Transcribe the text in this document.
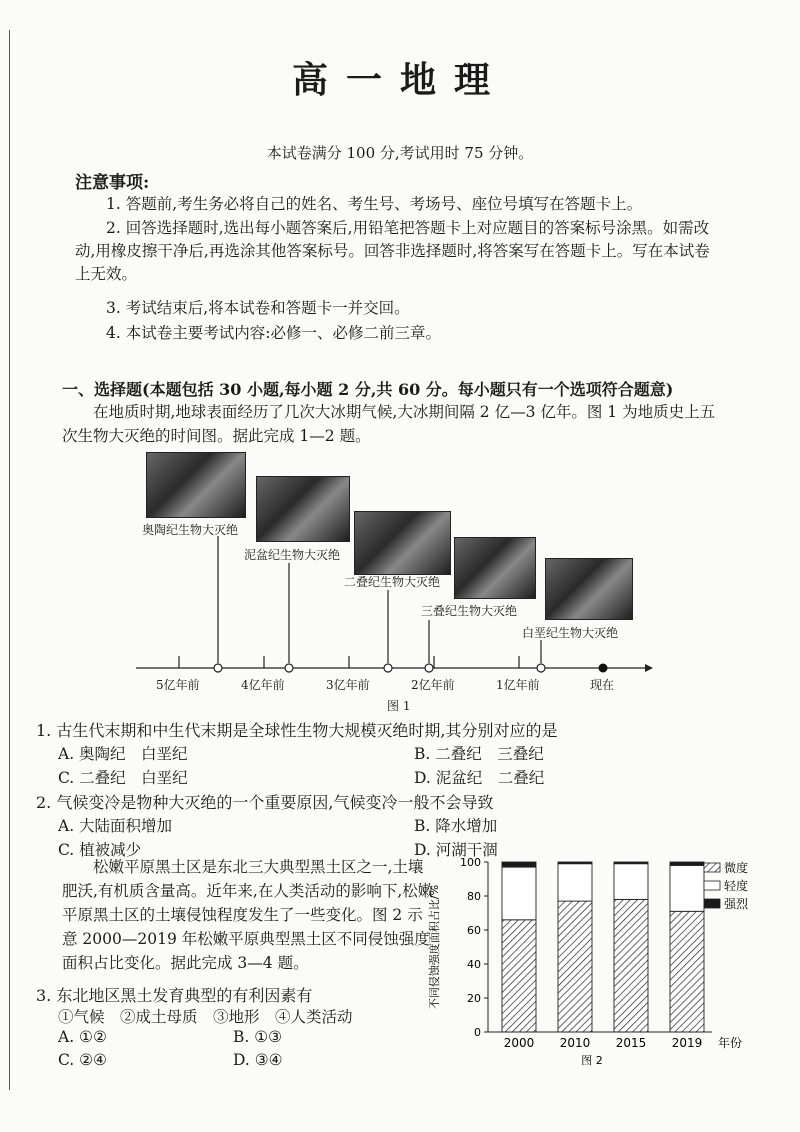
高一地理
本试卷满分 100 分,考试用时 75 分钟。
注意事项:
1. 答题前,考生务必将自己的姓名、考生号、考场号、座位号填写在答题卡上。
2. 回答选择题时,选出每小题答案后,用铅笔把答题卡上对应题目的答案标号涂黑。如需改动,用橡皮擦干净后,再选涂其他答案标号。回答非选择题时,将答案写在答题卡上。写在本试卷上无效。
3. 考试结束后,将本试卷和答题卡一并交回。
4. 本试卷主要考试内容:必修一、必修二前三章。
一、选择题(本题包括 30 小题,每小题 2 分,共 60 分。每小题只有一个选项符合题意)
在地质时期,地球表面经历了几次大冰期气候,大冰期间隔 2 亿—3 亿年。图 1 为地质史上五次生物大灭绝的时间图。据此完成 1—2 题。
奥陶纪生物大灭绝
泥盆纪生物大灭绝
二叠纪生物大灭绝
三叠纪生物大灭绝
白垩纪生物大灭绝
5亿年前	4亿年前	3亿年前	2亿年前	1亿年前	现在
图 1
1. 古生代末期和中生代末期是全球性生物大规模灭绝时期,其分别对应的是
A. 奥陶纪　白垩纪	B. 二叠纪　三叠纪
C. 二叠纪　白垩纪	D. 泥盆纪　二叠纪
2. 气候变冷是物种大灭绝的一个重要原因,气候变冷一般不会导致
A. 大陆面积增加	B. 降水增加
C. 植被减少	D. 河湖干涸
松嫩平原黑土区是东北三大典型黑土区之一,土壤肥沃,有机质含量高。近年来,在人类活动的影响下,松嫩平原黑土区的土壤侵蚀程度发生了一些变化。图 2 示意 2000—2019 年松嫩平原典型黑土区不同侵蚀强度面积占比变化。据此完成 3—4 题。
3. 东北地区黑土发育典型的有利因素有
①气候　②成土母质　③地形　④人类活动
A. ①②	B. ①③
C. ②④	D. ③④
0
20
40
60
80
100
2000 2010 2015 2019
不同侵蚀强度面积占比/%
年份
图 2
微度
轻度
强烈
